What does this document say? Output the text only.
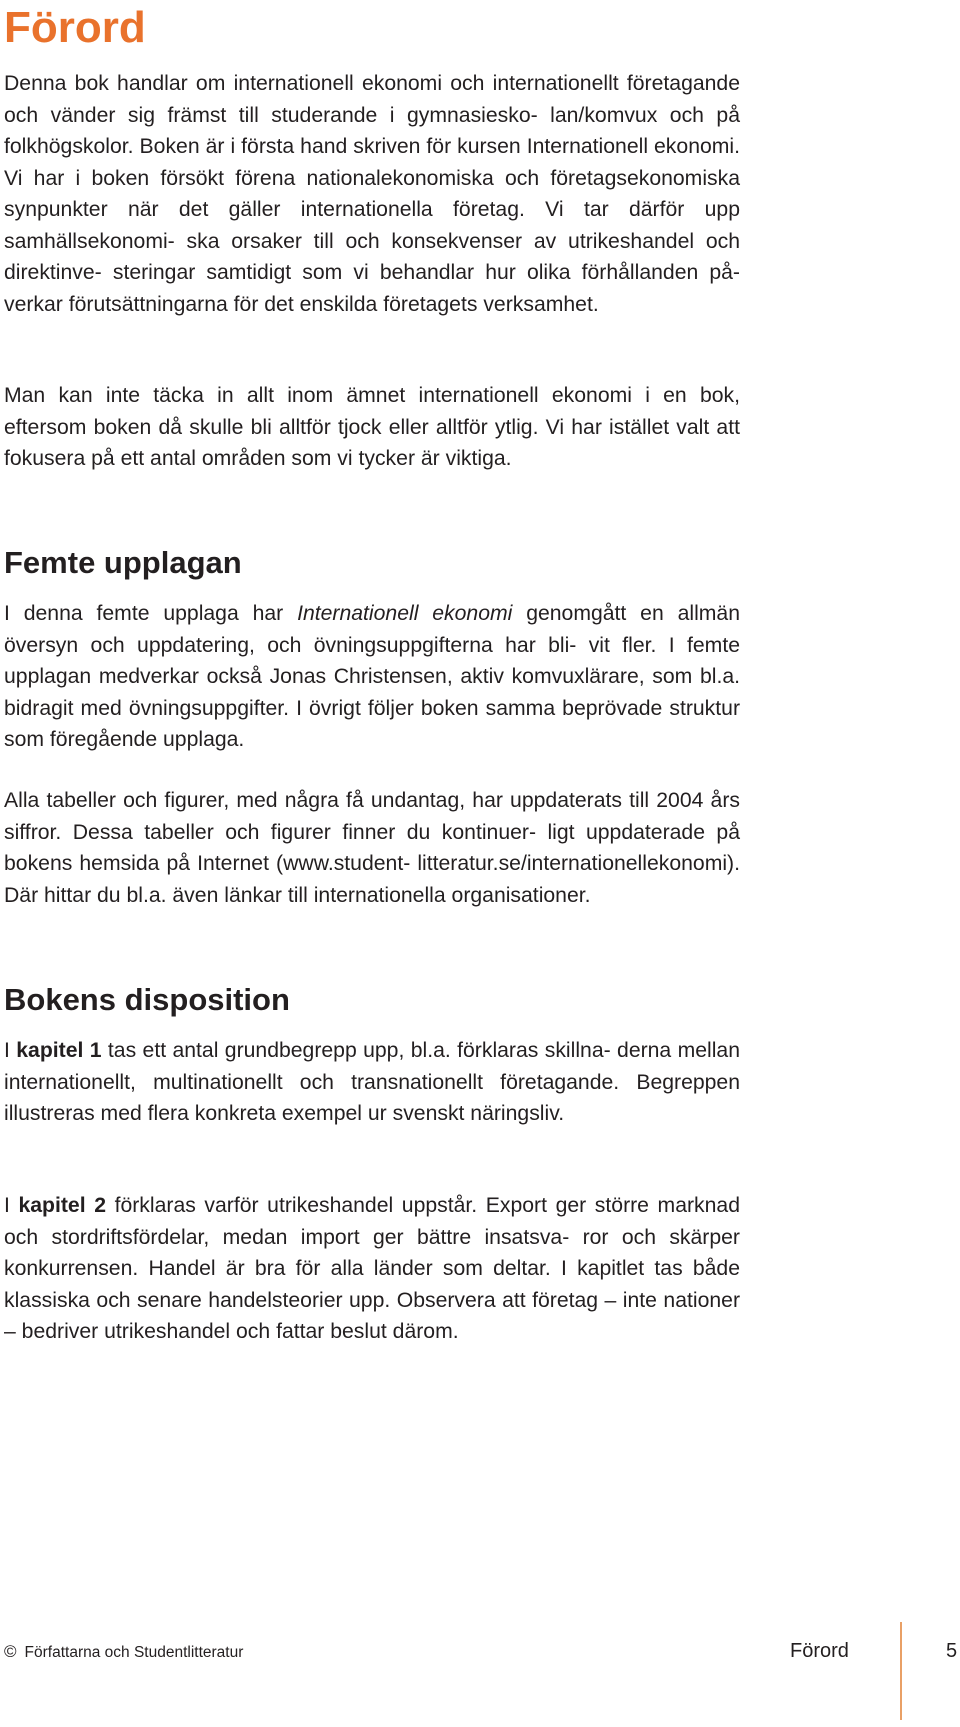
Förord

Denna bok handlar om internationell ekonomi och internationellt företagande och vänder sig främst till studerande i gymnasiesko- lan/komvux och på folkhögskolor. Boken är i första hand skriven för kursen Internationell ekonomi. Vi har i boken försökt förena nationalekonomiska och företagsekonomiska synpunkter när det gäller internationella företag. Vi tar därför upp samhällsekonomi- ska orsaker till och konsekvenser av utrikeshandel och direktinve- steringar samtidigt som vi behandlar hur olika förhållanden på- verkar förutsättningarna för det enskilda företagets verksamhet.

Man kan inte täcka in allt inom ämnet internationell ekonomi i en bok, eftersom boken då skulle bli alltför tjock eller alltför ytlig. Vi har istället valt att fokusera på ett antal områden som vi tycker är viktiga.

Femte upplagan

I denna femte upplaga har Internationell ekonomi genomgått en allmän översyn och uppdatering, och övningsuppgifterna har bli- vit fler. I femte upplagan medverkar också Jonas Christensen, aktiv komvuxlärare, som bl.a. bidragit med övningsuppgifter. I övrigt följer boken samma beprövade struktur som föregående upplaga.

Alla tabeller och figurer, med några få undantag, har uppdaterats till 2004 års siffror. Dessa tabeller och figurer finner du kontinuer- ligt uppdaterade på bokens hemsida på Internet (www.student- litteratur.se/internationellekonomi). Där hittar du bl.a. även länkar till internationella organisationer.

Bokens disposition

I kapitel 1 tas ett antal grundbegrepp upp, bl.a. förklaras skillna- derna mellan internationellt, multinationellt och transnationellt företagande. Begreppen illustreras med flera konkreta exempel ur svenskt näringsliv.

I kapitel 2 förklaras varför utrikeshandel uppstår. Export ger större marknad och stordriftsfördelar, medan import ger bättre insatsva- ror och skärper konkurrensen. Handel är bra för alla länder som deltar. I kapitlet tas både klassiska och senare handelsteorier upp. Observera att företag – inte nationer – bedriver utrikeshandel och fattar beslut därom.

© Författarna och Studentlitteratur	Förord	5
